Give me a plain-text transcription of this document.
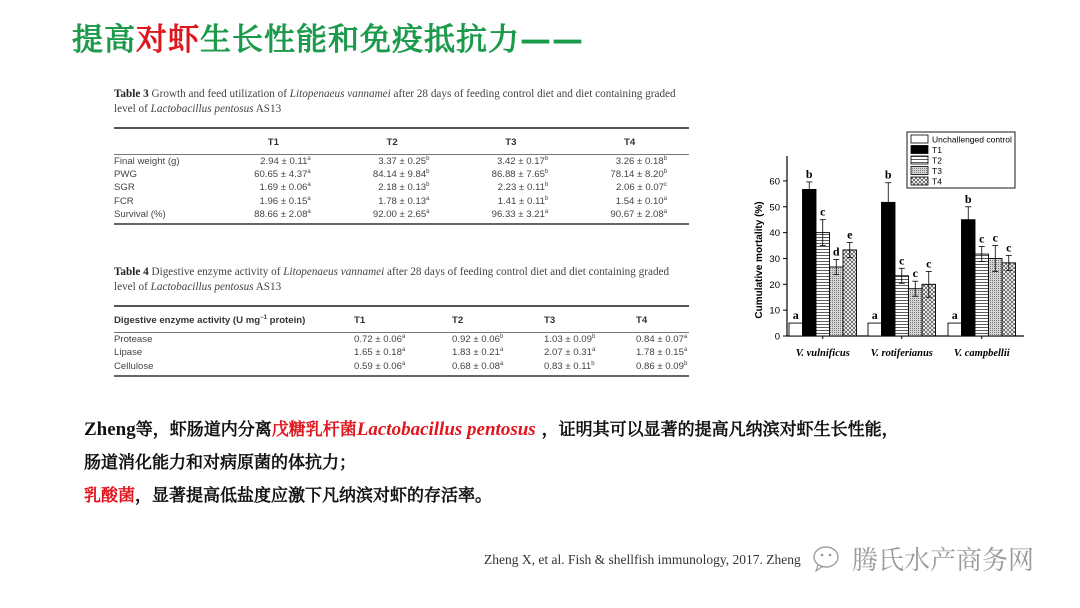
提高对虾生长性能和免疫抵抗力——
Table 3 Growth and feed utilization of Litopenaeus vannamei after 28 days of feeding control diet and diet containing graded level of Lactobacillus pentosus AS13
	T1	T2	T3	T4
Final weight (g)	2.94 ± 0.11$^a$	3.37 ± 0.25$^b$	3.42 ± 0.17$^b$	3.26 ± 0.18$^b$
PWG	60.65 ± 4.37$^a$	84.14 ± 9.84$^b$	86.88 ± 7.65$^b$	78.14 ± 8.20$^b$
SGR	1.69 ± 0.06$^a$	2.18 ± 0.13$^b$	2.23 ± 0.11$^b$	2.06 ± 0.07$^c$
FCR	1.96 ± 0.15$^a$	1.78 ± 0.13$^a$	1.41 ± 0.11$^b$	1.54 ± 0.10$^a$
Survival (%)	88.66 ± 2.08$^a$	92.00 ± 2.65$^a$	96.33 ± 3.21$^a$	90.67 ± 2.08$^a$

Table 4 Digestive enzyme activity of Litopenaeus vannamei after 28 days of feeding control diet and diet containing graded level of Lactobacillus pentosus AS13
Digestive enzyme activity (U $mg^{-1}$ protein)	T1	T2	T3	T4
Protease	0.72 ± 0.06$^a$	0.92 ± 0.06$^b$	1.03 ± 0.09$^b$	0.84 ± 0.07$^a$
Lipase	1.65 ± 0.18$^a$	1.83 ± 0.21$^a$	2.07 ± 0.31$^a$	1.78 ± 0.15$^a$
Cellulose	0.59 ± 0.06$^a$	0.68 ± 0.08$^a$	0.83 ± 0.11$^b$	0.86 ± 0.09$^b$

0
10
20
30
40
50
60
Cumulative mortality (%) a
b
c
d
e
V. vulnificus
a
b
c
c
c
V. rotiferianus
a
b
c c
c
V. campbellii
Unchallenged control
T1
T2
T3
T4
Zheng等，虾肠道内分离戊糖乳杆菌Lactobacillus pentosus ，证明其可以显著的提高凡纳滨对虾生长性能，
肠道消化能力和对病原菌的体抗力；
乳酸菌，显著提高低盐度应激下凡纳滨对虾的存活率。
Zheng X, et al. Fish & shellfish immunology, 2017. Zheng 腾氏水产商务网
